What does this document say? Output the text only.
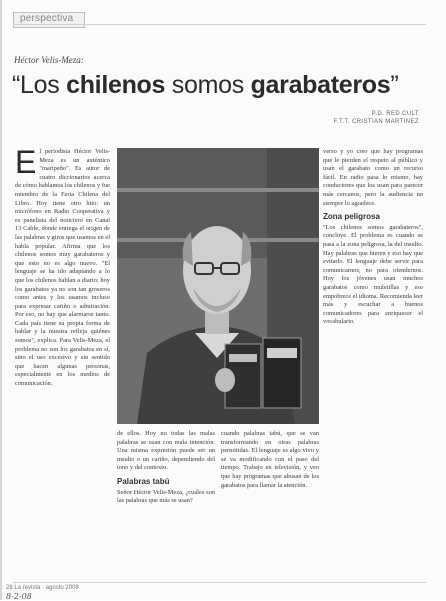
perspectiva
Héctor Velis-Meza:
“Los chilenos somos garabateros”
P.D. RED CULT
F.T.T. CRISTIAN MARTINEZ
E l periodista Héctor Velis-Meza es un auténtico "maripeño". Es autor de cuatro diccionarios acerca de cómo hablamos los chilenos y fue miembro de la Feria Chilena del Libro. Hoy tiene otro hito: un micrófono en Radio Cooperativa y es panelista del noticiero en Canal 13 Cable, donde entrega el origen de las palabras y giros que usamos en el habla popular. Afirma que los chilenos somos muy garabateros y que esto no es algo nuevo. "El lenguaje se ha ido adaptando a lo que los chilenos hablan a diario; hoy los garabatos ya no son tan groseros como antes y los usamos incluso para expresar cariño o admiración. Por eso, no hay que alarmarse tanto. Cada país tiene su propia forma de hablar y la nuestra refleja quiénes somos", explica. Para Velis-Meza, el problema no son los garabatos en sí, sino el uso excesivo y sin sentido que hacen algunas personas, especialmente en los medios de comunicación.

de ellos. Hoy no todas las malas palabras se usan con mala intención. Una misma expresión puede ser un insulto o un cariño, dependiendo del tono y del contexto.

Palabras tabú

Señor Héctor Velis-Meza, ¿cuáles son las palabras que más se usan?

cuando palabras tabú, que se van transformando en otras palabras permitidas. El lenguaje es algo vivo y se va modificando con el paso del tiempo. Trabajo en televisión, y veo que hay programas que abusan de los garabatos para llamar la atención.

verso y yo creo que hay programas que le pierden el respeto al público y usan el garabato como un recurso fácil. En radio pasa lo mismo, hay conductores que los usan para parecer más cercanos, pero la audiencia no siempre lo agradece.

Zona peligrosa

"Los chilenos somos garabateros", concluye. El problema es cuando se pasa a la zona peligrosa, la del insulto. Hay palabras que hieren y eso hay que evitarlo. El lenguaje debe servir para comunicarnos, no para ofendernos. Hoy los jóvenes usan muchos garabatos como muletillas y eso empobrece el idioma. Recomienda leer más y escuchar a buenos comunicadores para enriquecer el vocabulario.

28 La revista · agosto 2008
8-2-08
